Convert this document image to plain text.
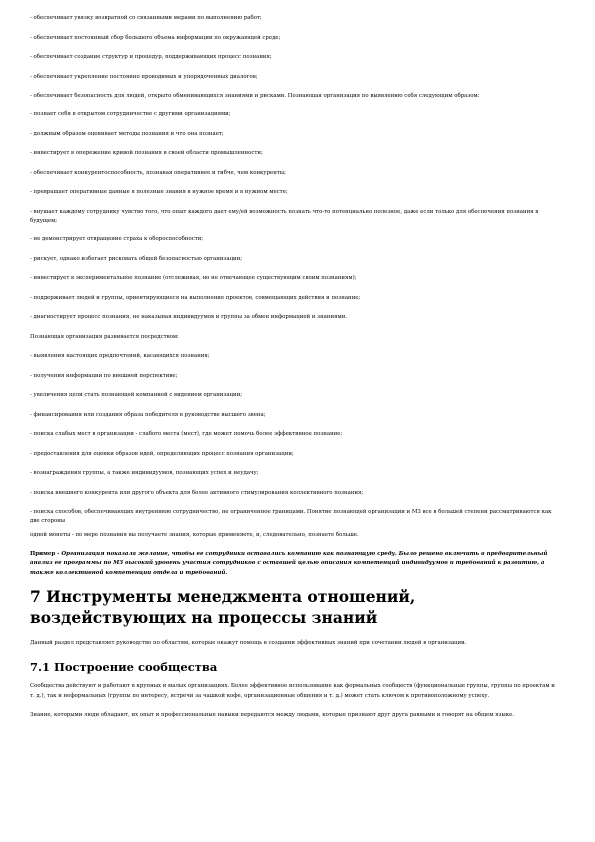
- обеспечивает увязку возвратной со связанными мерами по выполнению работ;

- обеспечивает постоянный сбор большого объема информации по окружающей среде;

- обеспечивает создание структур и процедур, поддерживающих процесс познания;

- обеспечивает укрепление постоянно проводимых и упорядоченных диалогов;

- обеспечивает безопасность для людей, открыто обменивающихся знаниями и рисками. Познающая организация по выявлению себя следующим образом:

- познает себя в открытом сотрудничестве с другими организациями;

- должным образом оценивает методы познания и что она познает;

- инвестирует в опережение кривой познания в своей области промышленности;

- обеспечивает конкурентоспособность, познавая оперативнее и гибче, чем конкуренты;

- превращает оперативные данные в полезные знания в нужное время и в нужном месте;

- внушает каждому сотруднику чувство того, что опыт каждого дает ему/ей возможность познать что-то потенциально полезное, даже если только для обеспечения познания в будущем;

- не демонстрирует отвращение страха к обороспособности;

- рискует, однако избегает рисковать общей безопасностью организации;

- инвестирует в экспериментальное познание (отслеживая, но не отвечающее существующим своим познаниям);

- поддерживает людей и группы, ориентирующиеся на выполнение проектов, совмещающих действия и познание;

- диагностирует процесс познания, не наказывая индивидуумов и группы за обмен информацией и знаниями.

Познающая организация развивается посредством:

- выявления настоящих предпочтений, касающихся познания;

- получения информации по внешней перспективе;

- увеличения цели стать познающей компанией с видением организации;

- финансирования или создания образа победителя в руководстве высшего звена;

- поиска слабых мест в организации - слабого места (мест), где может помочь более эффективное познание;

- предоставления для оценки образов идей, определяющих процесс познания организации;

- вознаграждения группы, а также индивидуумов, познающих успех и неудачу;

- поиска внешнего конкурента или другого объекта для более активного стимулирования коллективного познания;

- поиска способов, обеспечивающих внутреннюю сотрудничество, не ограниченное границами. Понятие познающей организации и МЗ все в большей степени рассматриваются как две стороны

одной монеты - по мере познания вы получаете знания, которые применяете, и, следовательно, познаете больше.

Пример - Организация показала желание, чтобы ее сотрудники оставались компанию как познающую среду. Было решено включить в предварительный анализ ее программы по МЗ высокий уровень участия сотрудников с оставшей целью описания компетенций индивидуумов и требований к развитию, а также коллективной компетенции отдела и требований.

7 Инструменты менеджмента отношений, воздействующих на процессы знаний

Данный раздел представляет руководство по областям, которые окажут помощь в создании эффективных знаний при сочетании людей в организации.

7.1 Построение сообщества

Сообщества действуют и работают в крупных и малых организациях. Более эффективное использование как формальных сообществ (функциональные группы, группы по проектам и т. д.), так и неформальных (группы по интересу, встречи за чашкой кофе, организационные общения и т. д.) может стать ключом к противоположному успеху.

Знание, которыми люди обладают, их опыт и профессиональные навыки передаются между людьми, которые признают друг друга равными и говорят на общем языке.
